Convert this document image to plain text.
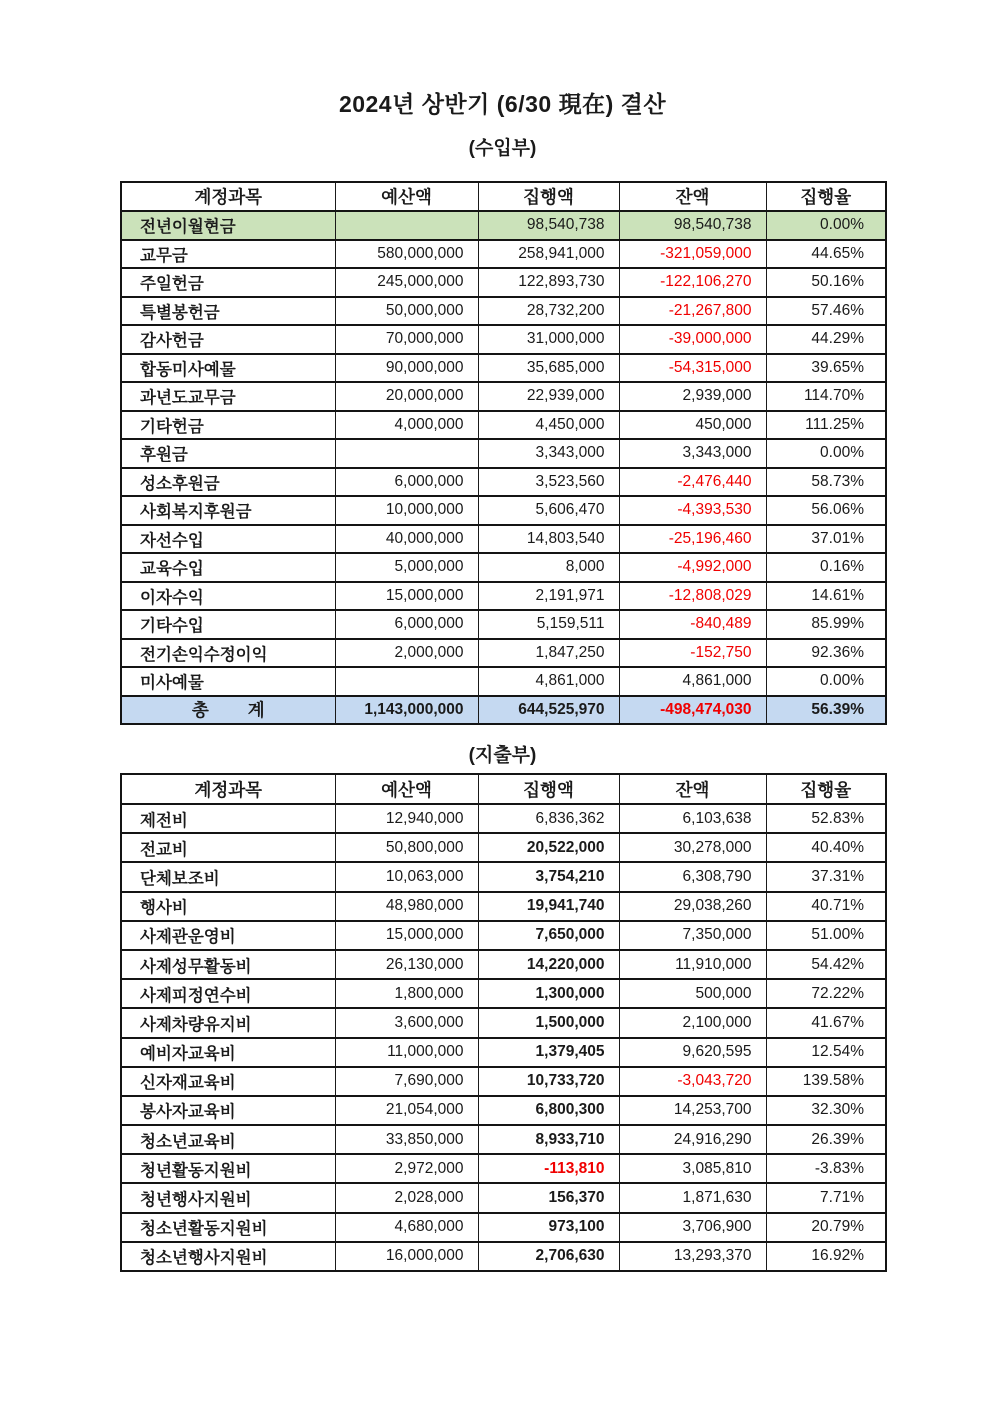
2024년 상반기 (6/30 現在) 결산
(수입부)
계정과목	예산액	집행액	잔액	집행율
전년이월현금		98,540,738	98,540,738	0.00%
교무금	580,000,000	258,941,000	-321,059,000	44.65%
주일헌금	245,000,000	122,893,730	-122,106,270	50.16%
특별봉헌금	50,000,000	28,732,200	-21,267,800	57.46%
감사헌금	70,000,000	31,000,000	-39,000,000	44.29%
합동미사예물	90,000,000	35,685,000	-54,315,000	39.65%
과년도교무금	20,000,000	22,939,000	2,939,000	114.70%
기타헌금	4,000,000	4,450,000	450,000	111.25%
후원금		3,343,000	3,343,000	0.00%
성소후원금	6,000,000	3,523,560	-2,476,440	58.73%
사회복지후원금	10,000,000	5,606,470	-4,393,530	56.06%
자선수입	40,000,000	14,803,540	-25,196,460	37.01%
교육수입	5,000,000	8,000	-4,992,000	0.16%
이자수익	15,000,000	2,191,971	-12,808,029	14.61%
기타수입	6,000,000	5,159,511	-840,489	85.99%
전기손익수정이익	2,000,000	1,847,250	-152,750	92.36%
미사예물		4,861,000	4,861,000	0.00%
총        계	1,143,000,000	644,525,970	-498,474,030	56.39%
(지출부)
계정과목	예산액	집행액	잔액	집행율
제전비	12,940,000	6,836,362	6,103,638	52.83%
전교비	50,800,000	20,522,000	30,278,000	40.40%
단체보조비	10,063,000	3,754,210	6,308,790	37.31%
행사비	48,980,000	19,941,740	29,038,260	40.71%
사제관운영비	15,000,000	7,650,000	7,350,000	51.00%
사제성무활동비	26,130,000	14,220,000	11,910,000	54.42%
사제피정연수비	1,800,000	1,300,000	500,000	72.22%
사제차량유지비	3,600,000	1,500,000	2,100,000	41.67%
예비자교육비	11,000,000	1,379,405	9,620,595	12.54%
신자재교육비	7,690,000	10,733,720	-3,043,720	139.58%
봉사자교육비	21,054,000	6,800,300	14,253,700	32.30%
청소년교육비	33,850,000	8,933,710	24,916,290	26.39%
청년활동지원비	2,972,000	-113,810	3,085,810	-3.83%
청년행사지원비	2,028,000	156,370	1,871,630	7.71%
청소년활동지원비	4,680,000	973,100	3,706,900	20.79%
청소년행사지원비	16,000,000	2,706,630	13,293,370	16.92%
